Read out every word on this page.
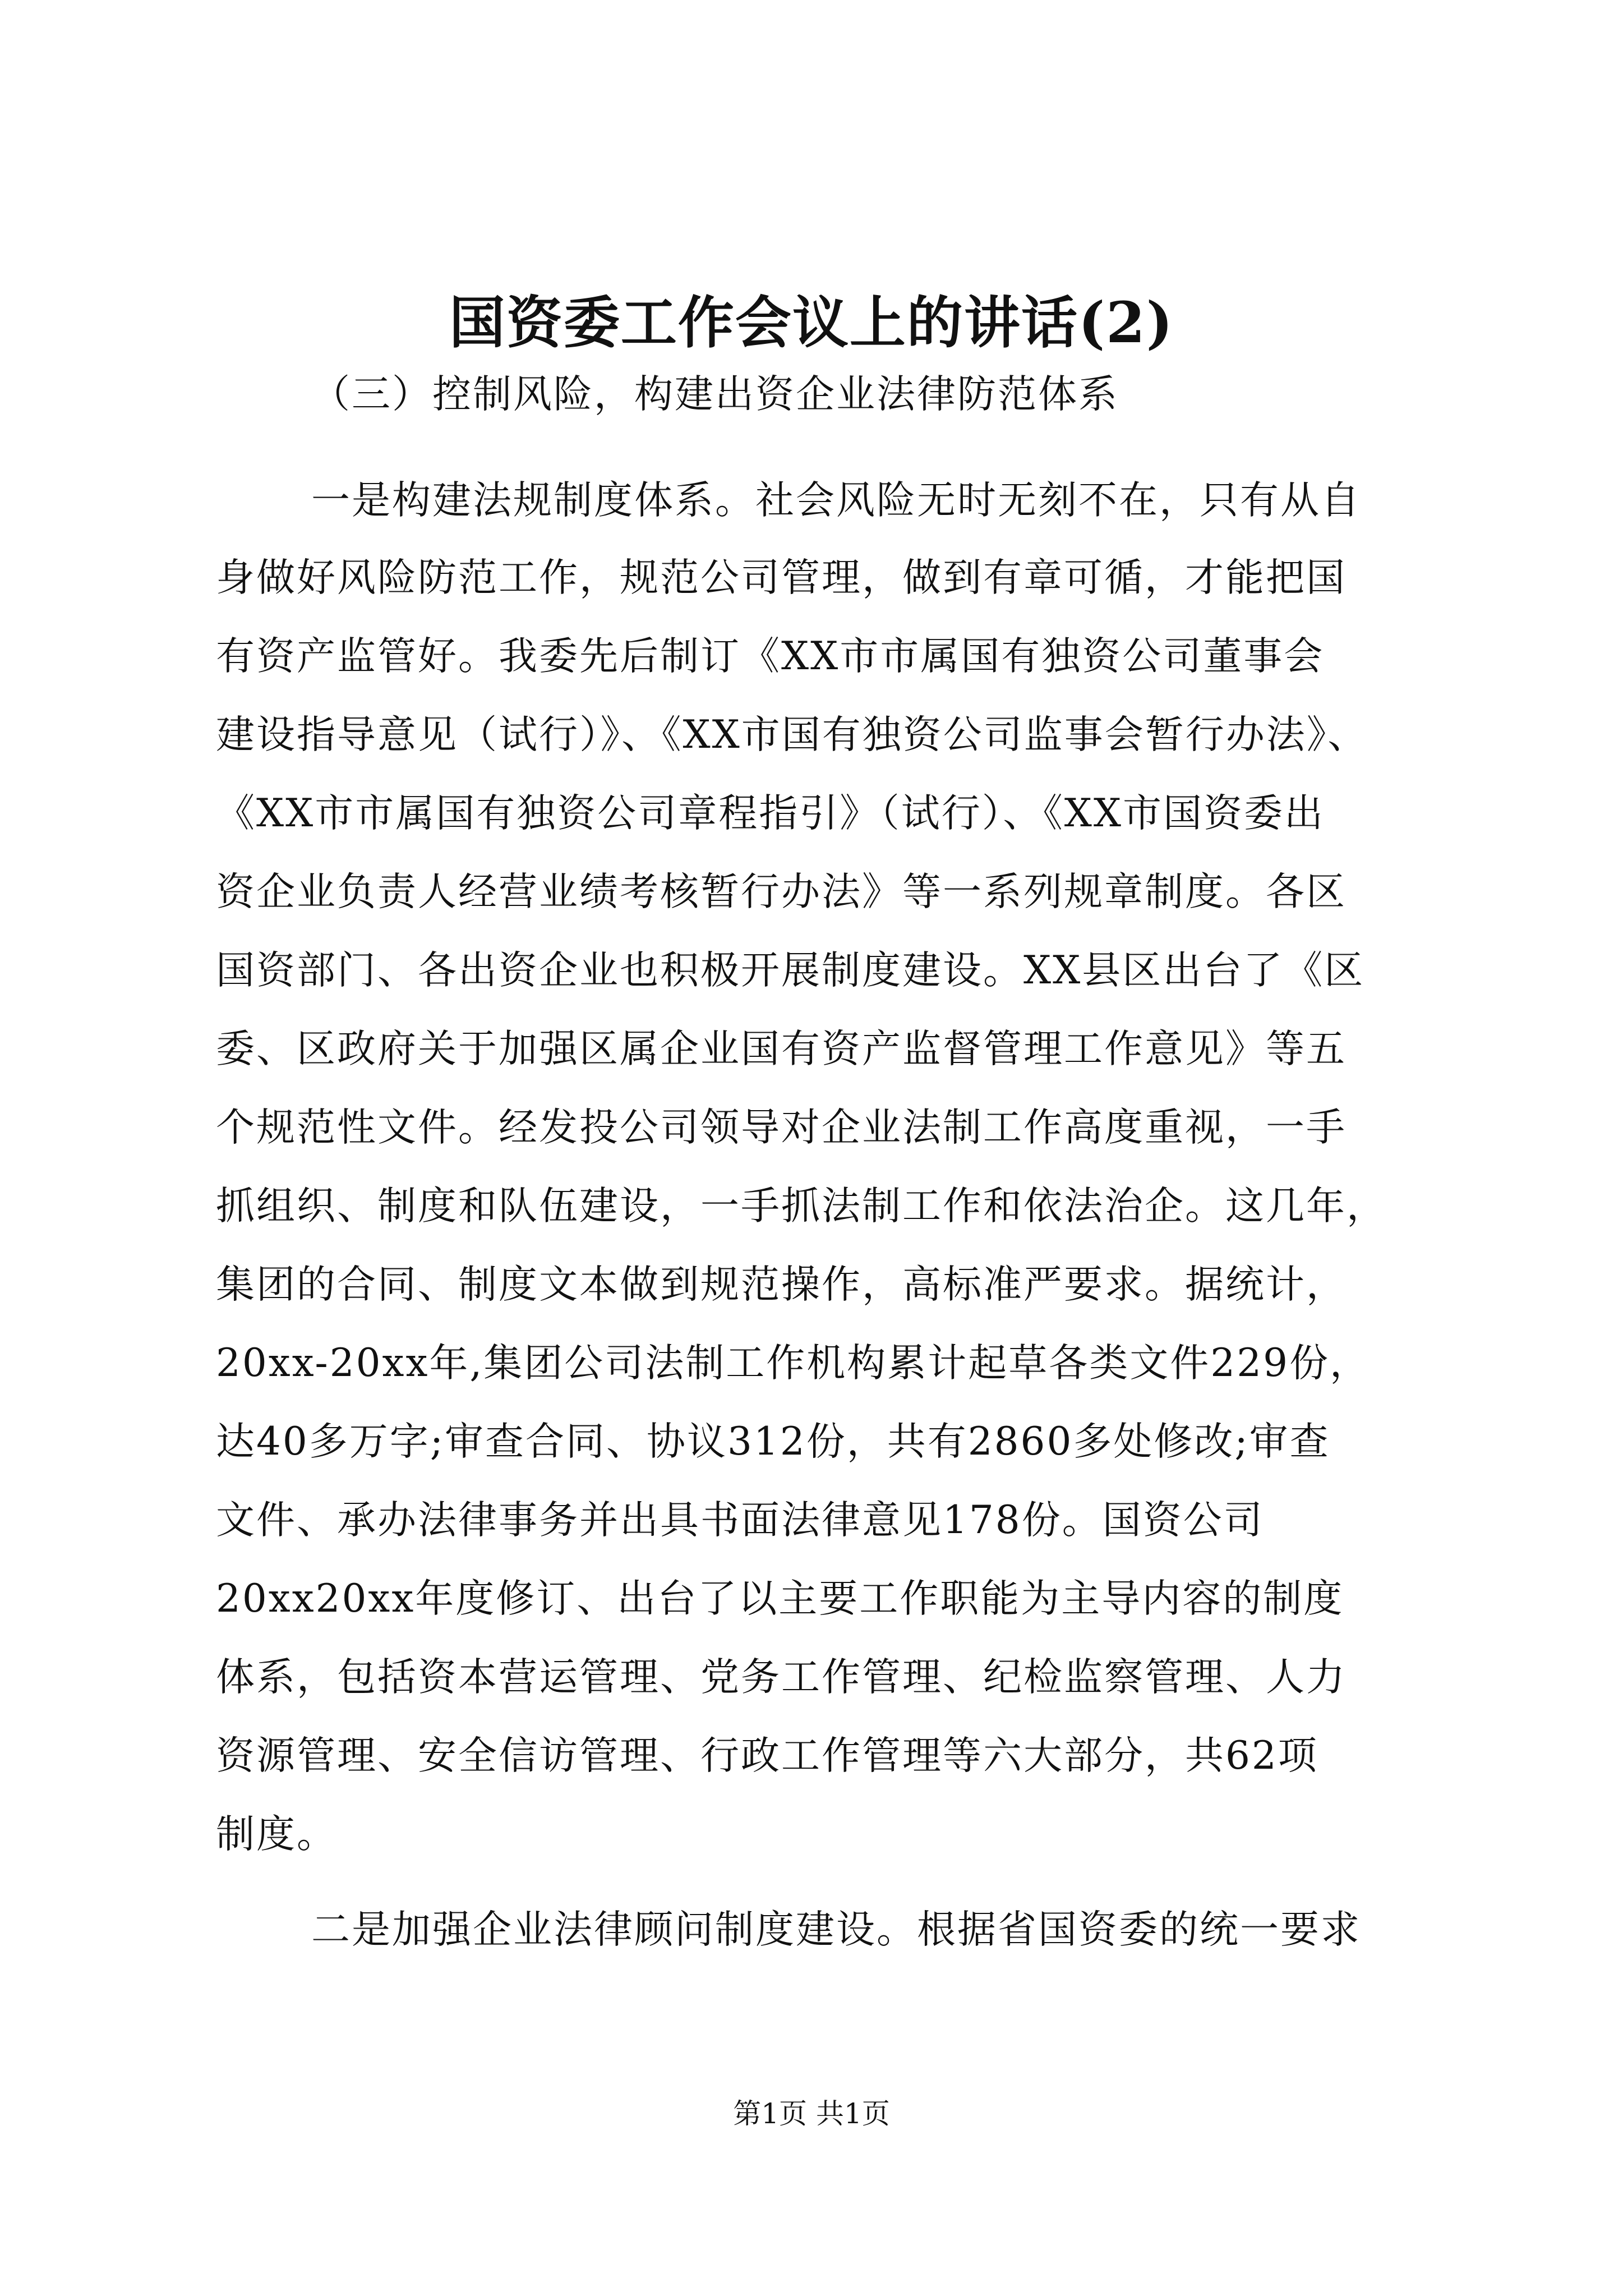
国资委工作会议上的讲话(2)
（三）控制风险，构建出资企业法律防范体系
一是构建法规制度体系。社会风险无时无刻不在，只有从自
身做好风险防范工作，规范公司管理，做到有章可循，才能把国
有资产监管好。我委先后制订《XX市市属国有独资公司董事会
建设指导意见（试行）》、《XX市国有独资公司监事会暂行办法》、
《XX市市属国有独资公司章程指引》（试行）、《XX市国资委出
资企业负责人经营业绩考核暂行办法》等一系列规章制度。各区
国资部门、各出资企业也积极开展制度建设。XX县区出台了《区
委、区政府关于加强区属企业国有资产监督管理工作意见》等五
个规范性文件。经发投公司领导对企业法制工作高度重视，一手
抓组织、制度和队伍建设，一手抓法制工作和依法治企。这几年，
集团的合同、制度文本做到规范操作，高标准严要求。据统计，
20xx-20xx年,集团公司法制工作机构累计起草各类文件229份，
达40多万字;审查合同、协议312份，共有2860多处修改;审查
文件、承办法律事务并出具书面法律意见178份。国资公司
20xx20xx年度修订、出台了以主要工作职能为主导内容的制度
体系，包括资本营运管理、党务工作管理、纪检监察管理、人力
资源管理、安全信访管理、行政工作管理等六大部分，共62项
制度。
二是加强企业法律顾问制度建设。根据省国资委的统一要求
第1页 共1页
